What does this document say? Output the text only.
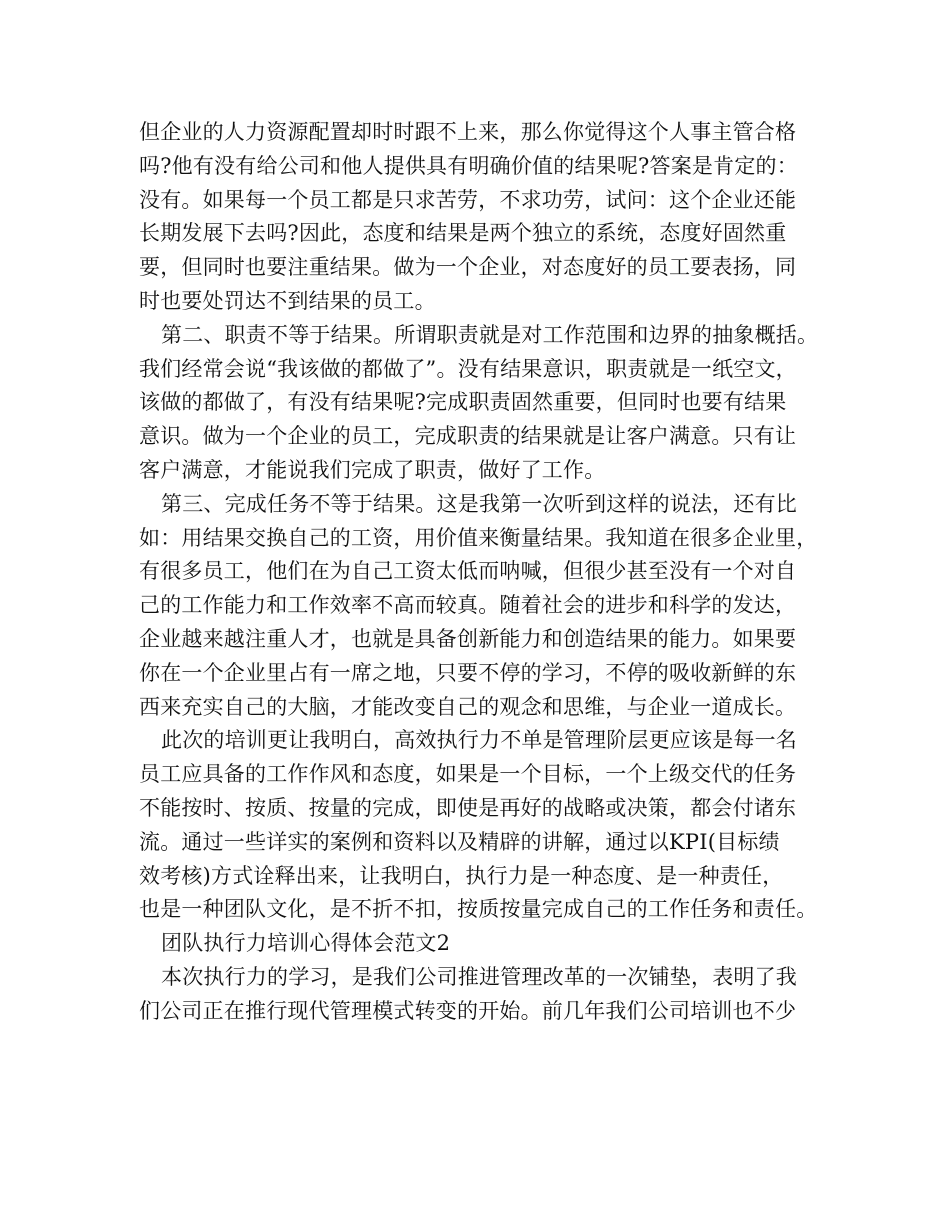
但企业的人力资源配置却时时跟不上来，那么你觉得这个人事主管合格
吗?他有没有给公司和他人提供具有明确价值的结果呢?答案是肯定的：
没有。如果每一个员工都是只求苦劳，不求功劳，试问：这个企业还能
长期发展下去吗?因此，态度和结果是两个独立的系统，态度好固然重
要，但同时也要注重结果。做为一个企业，对态度好的员工要表扬，同
时也要处罚达不到结果的员工。
第二、职责不等于结果。所谓职责就是对工作范围和边界的抽象概括。
我们经常会说“我该做的都做了”。没有结果意识，职责就是一纸空文，
该做的都做了，有没有结果呢?完成职责固然重要，但同时也要有结果
意识。做为一个企业的员工，完成职责的结果就是让客户满意。只有让
客户满意，才能说我们完成了职责，做好了工作。
第三、完成任务不等于结果。这是我第一次听到这样的说法，还有比
如：用结果交换自己的工资，用价值来衡量结果。我知道在很多企业里，
有很多员工，他们在为自己工资太低而呐喊，但很少甚至没有一个对自
己的工作能力和工作效率不高而较真。随着社会的进步和科学的发达，
企业越来越注重人才，也就是具备创新能力和创造结果的能力。如果要
你在一个企业里占有一席之地，只要不停的学习，不停的吸收新鲜的东
西来充实自己的大脑，才能改变自己的观念和思维，与企业一道成长。
此次的培训更让我明白，高效执行力不单是管理阶层更应该是每一名
员工应具备的工作作风和态度，如果是一个目标，一个上级交代的任务
不能按时、按质、按量的完成，即使是再好的战略或决策，都会付诸东
流。通过一些详实的案例和资料以及精辟的讲解，通过以KPI(目标绩
效考核)方式诠释出来，让我明白，执行力是一种态度、是一种责任，
也是一种团队文化，是不折不扣，按质按量完成自己的工作任务和责任。
团队执行力培训心得体会范文2
本次执行力的学习，是我们公司推进管理改革的一次铺垫，表明了我
们公司正在推行现代管理模式转变的开始。前几年我们公司培训也不少
